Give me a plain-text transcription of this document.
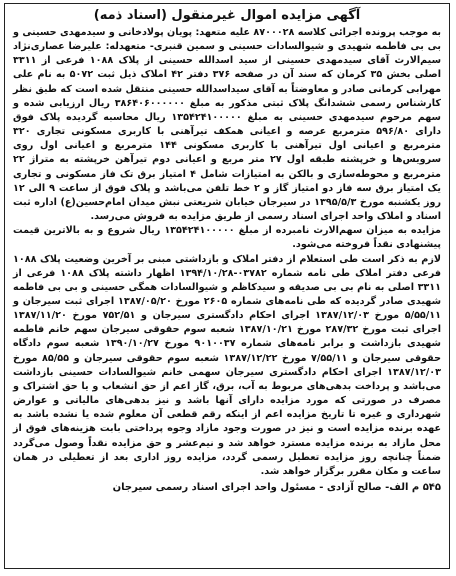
آگهی مزایده اموال غیرمنقول (اسناد ذمه)

به موجب پرونده اجرائی کلاسه ۸۷۰۰۰۲۸ علیه متعهد: پویان پولادخانی و سیدمهدی حسینی و بی بی فاطمه شهیدی و شیوالسادات حسینی و سمین قنبری- متعهدله: علیرضا عصاری‌نژاد سیم‌الارث آقای سیدمهدی حسینی از سید اسدالله حسینی از پلاک ۱۰۸۸ فرعی از ۳۳۱۱ اصلی بخش ۳۵ کرمان که سند آن در صفحه ۳۷۶ دفتر ۴۲ املاک ذیل ثبت ۵۰۷۲ به نام علی مهرابی کرمانی صادر و معاوضتاً به آقای سیداسدالله حسینی منتقل شده است که طبق نظر کارشناس رسمی ششدانگ پلاک ثبتی مذکور به مبلغ ۳۸۶۴۰۶۰۰۰۰۰۰ ریال ارزیابی شده و سهم مرحوم سیدمهدی حسینی به مبلغ ۱۳۵۴۲۴۱۰۰۰۰۰ ریال محاسبه گردیده پلاک فوق دارای ۵۹۶/۸۰ مترمربع عرصه و اعیانی همکف تیرآهنی با کاربری مسکونی تجاری ۳۲۰ مترمربع و اعیانی اول تیرآهنی با کاربری مسکونی ۱۴۴ مترمربع و اعیانی اول روی سرویس‌ها و خرپشته طبقه اول ۲۷ متر مربع و اعیانی دوم تیرآهن خرپشته به متراژ ۲۲ مترمربع و محوطه‌سازی و بالکن به امتیازات شامل ۴ امتیاز برق تک فاز مسکونی و تجاری یک امتیاز برق سه فاز دو امتیاز گاز و ۲ خط تلفن می‌باشد و پلاک فوق از ساعت ۹ الی ۱۲ روز یکشنبه مورخ ۱۳۹۵/۵/۳ در سیرجان خیابان شریعتی نبش میدان امام‌حسین(ع) اداره ثبت اسناد و املاک واحد اجرای اسناد رسمی از طریق مزایده به فروش می‌رسد.

مزایده به میزان سهم‌الارث نامبرده از مبلغ ۱۳۵۴۲۴۱۰۰۰۰۰ ریال شروع و به بالاترین قیمت پیشنهادی نقداً فروخته می‌شود.

لازم به ذکر است طی استعلام از دفتر املاک و بازداشتی مبنی بر آخرین وضعیت پلاک ۱۰۸۸ فرعی دفتر املاک طی نامه شماره ۰۳۷۸۲-۱۳۹۴/۱۰/۲۸ اظهار داشته پلاک ۱۰۸۸ فرعی از ۳۳۱۱ اصلی به نام بی بی صدیقه و سیدکاظم و شیوالسادات همگی حسینی و بی بی فاطمه شهیدی صادر گردیده که طی نامه‌های شماره ۲۶۰۵ مورخ ۱۳۸۷/۰۵/۲۰ اجرای ثبت سیرجان و ۵/۵۵/۱۱ مورخ ۱۳۸۷/۱۲/۰۳ اجرای احکام دادگستری سیرجان و ۷۵۲/۵۱ مورخ ۱۳۸۷/۱۱/۲۰ اجرای ثبت مورخ ۲۸۷/۳۲ مورخ ۱۳۸۷/۱۰/۲۱ شعبه سوم حقوقی سیرجان سهم خانم فاطمه شهیدی بازداشت و برابر نامه‌های شماره ۹۰۱۰۰۳۷ مورخ ۱۳۹۰/۱۰/۲۷ شعبه سوم دادگاه حقوقی سیرجان و ۷/۵۵/۱۱ مورخ ۱۳۸۷/۱۲/۲۲ شعبه سوم حقوقی سیرجان و ۸۵/۵۵ مورخ ۱۳۸۷/۱۲/۰۳ اجرای احکام دادگستری سیرجان سهمی خانم شیوالسادات حسینی بازداشت می‌باشد و پرداخت بدهی‌های مربوط به آب، برق، گاز اعم از حق انشعاب و یا حق اشتراک و مصرف در صورتی که مورد مزایده دارای آنها باشد و نیز بدهی‌های مالیاتی و عوارض شهرداری و غیره تا تاریخ مزایده اعم از اینکه رقم قطعی آن معلوم شده یا نشده باشد به عهده برنده مزایده است و نیز در صورت وجود مازاد وجوه پرداختی بابت هزینه‌های فوق از محل مازاد به برنده مزایده مسترد خواهد شد و نیم‌عشر و حق مزایده نقداً وصول می‌گردد ضمناً چنانچه روز مزایده تعطیل رسمی گردد، مزایده روز اداری بعد از تعطیلی در همان ساعت و مکان مقرر برگزار خواهد شد.

۵۴۵ م الف- صالح آزادی - مسئول واحد اجرای اسناد رسمی سیرجان
